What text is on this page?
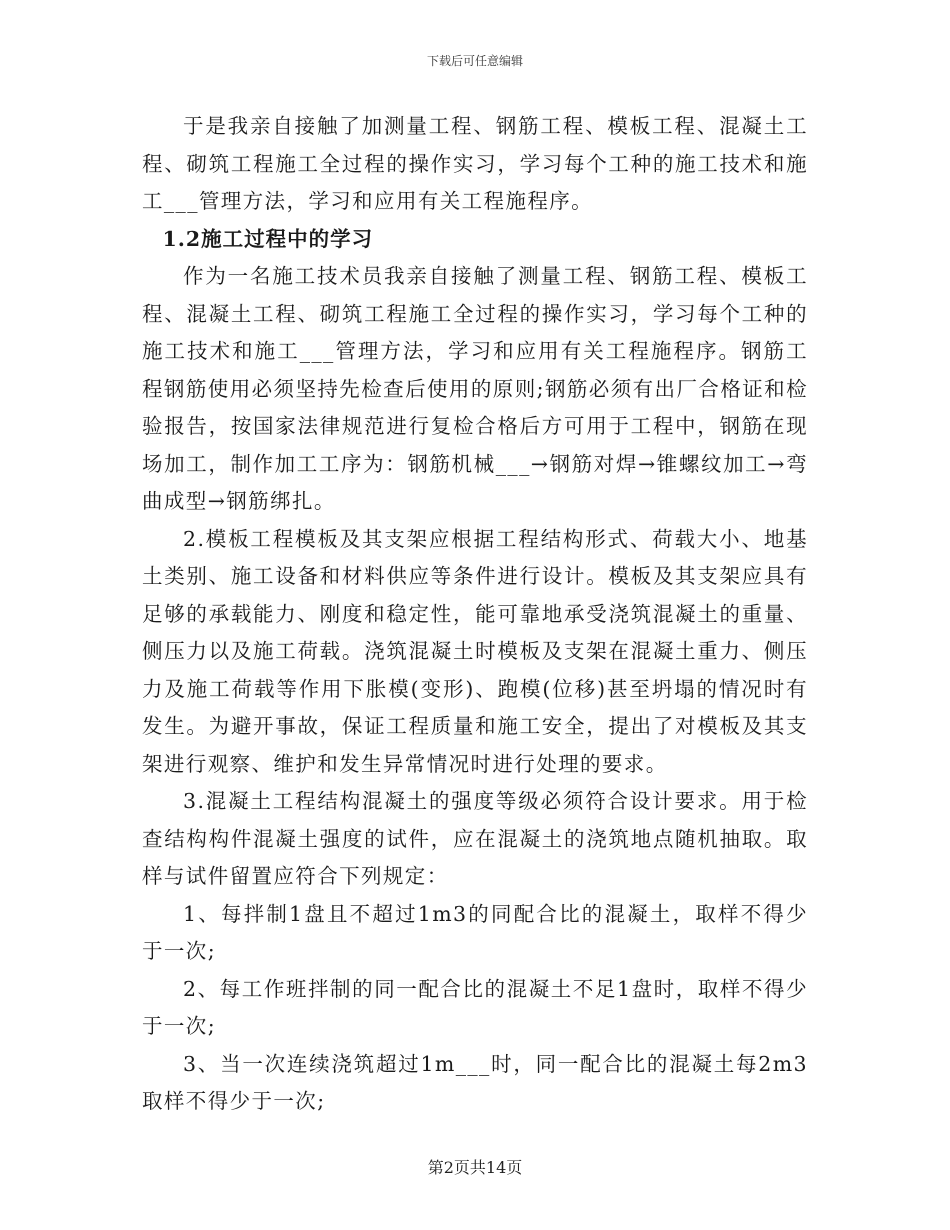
下载后可任意编辑

于是我亲自接触了加测量工程、钢筋工程、模板工程、混凝土工程、砌筑工程施工全过程的操作实习，学习每个工种的施工技术和施工___管理方法，学习和应用有关工程施程序。

1.2施工过程中的学习

作为一名施工技术员我亲自接触了测量工程、钢筋工程、模板工程、混凝土工程、砌筑工程施工全过程的操作实习，学习每个工种的施工技术和施工___管理方法，学习和应用有关工程施程序。钢筋工程钢筋使用必须坚持先检查后使用的原则;钢筋必须有出厂合格证和检验报告，按国家法律规范进行复检合格后方可用于工程中，钢筋在现场加工，制作加工工序为：钢筋机械___→钢筋对焊→锥螺纹加工→弯曲成型→钢筋绑扎。

2.模板工程模板及其支架应根据工程结构形式、荷载大小、地基土类别、施工设备和材料供应等条件进行设计。模板及其支架应具有足够的承载能力、刚度和稳定性，能可靠地承受浇筑混凝土的重量、侧压力以及施工荷载。浇筑混凝土时模板及支架在混凝土重力、侧压力及施工荷载等作用下胀模(变形)、跑模(位移)甚至坍塌的情况时有发生。为避开事故，保证工程质量和施工安全，提出了对模板及其支架进行观察、维护和发生异常情况时进行处理的要求。

3.混凝土工程结构混凝土的强度等级必须符合设计要求。用于检查结构构件混凝土强度的试件，应在混凝土的浇筑地点随机抽取。取样与试件留置应符合下列规定：

1、每拌制1盘且不超过1m3的同配合比的混凝土，取样不得少于一次;

2、每工作班拌制的同一配合比的混凝土不足1盘时，取样不得少于一次;

3、当一次连续浇筑超过1m___时，同一配合比的混凝土每2m3取样不得少于一次;

第2页共14页
